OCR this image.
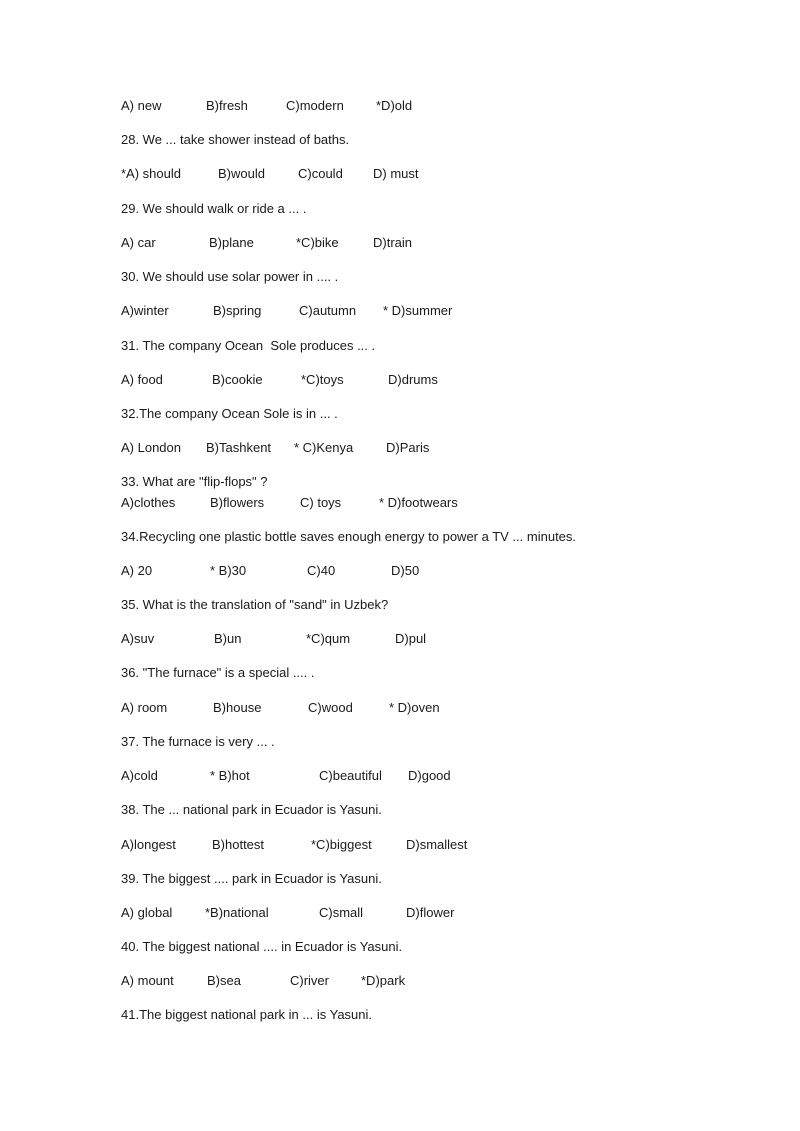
A) new	B)fresh	C)modern *D)old
28. We ... take shower instead of baths.
*A) should	B)would	C)could D) must
29. We should walk or ride a ... .
A) car	B)plane	*C)bike	D)train
30. We should use solar power in .... .
A)winter	B)spring	C)autumn * D)summer
31. The company Ocean  Sole produces ... .
A) food	B)cookie	*C)toys	D)drums
32.The company Ocean Sole is in ... .
A) London B)Tashkent * C)Kenya	D)Paris
33. What are "flip-flops" ?
A)clothes	B)flowers	C) toys	* D)footwears
34.Recycling one plastic bottle saves enough energy to power a TV ... minutes.
A) 20	* B)30	C)40	D)50
35. What is the translation of "sand" in Uzbek?
A)suv	B)un	*C)qum	D)pul
36. "The furnace" is a special .... .
A) room	B)house	C)wood	* D)oven
37. The furnace is very ... .
A)cold	* B)hot	C)beautiful D)good
38. The ... national park in Ecuador is Yasuni.
A)longest	B)hottest	*C)biggest	D)smallest
39. The biggest .... park in Ecuador is Yasuni.
A) global	*B)national	C)small	D)flower
40. The biggest national .... in Ecuador is Yasuni.
A) mount	B)sea	C)river *D)park
41.The biggest national park in ... is Yasuni.
